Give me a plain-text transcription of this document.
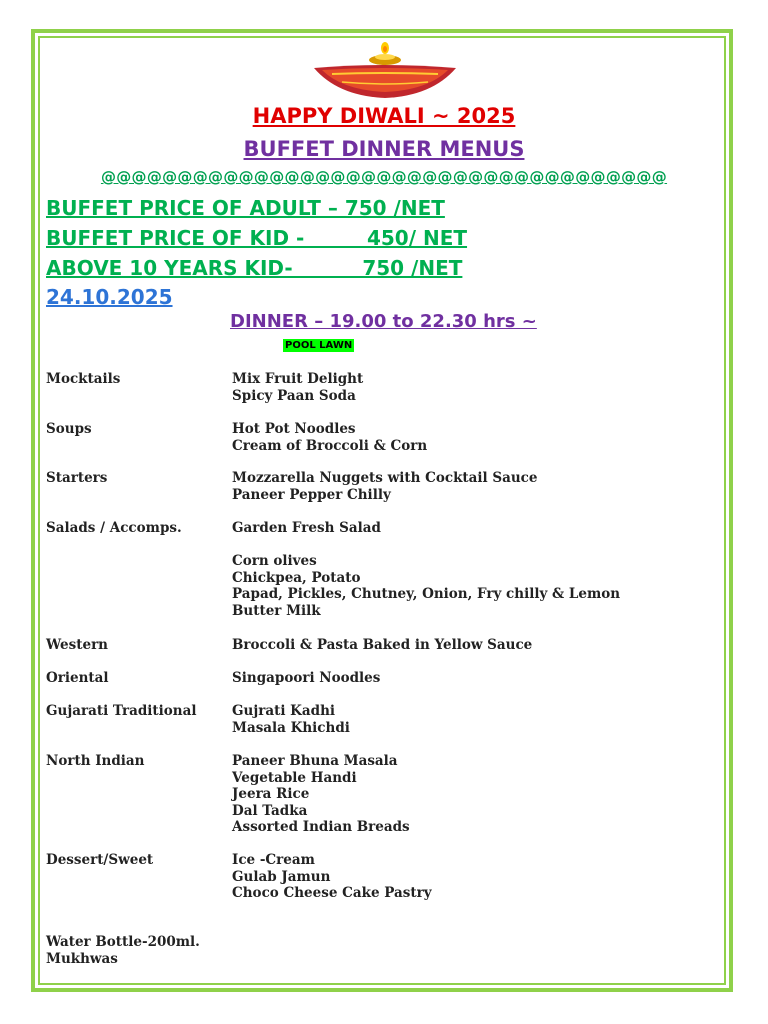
HAPPY DIWALI ~ 2025
BUFFET DINNER MENUS
@@@@@@@@@@@@@@@@@@@@@@@@@@@@@@@@@@@@@
BUFFET PRICE OF ADULT – 750 /NET
BUFFET PRICE OF KID -         450/ NET
ABOVE 10 YEARS KID-          750 /NET
24.10.2025
DINNER – 19.00 to 22.30 hrs ~
POOL LAWN
Mocktails	Mix Fruit Delight
Spicy Paan Soda
Soups	Hot Pot Noodles
Cream of Broccoli & Corn
Starters	Mozzarella Nuggets with Cocktail Sauce
Paneer Pepper Chilly
Salads / Accomps.	Garden Fresh Salad

Corn olives
Chickpea, Potato
Papad, Pickles, Chutney, Onion, Fry chilly & Lemon
Butter Milk
Western	Broccoli & Pasta Baked in Yellow Sauce
Oriental	Singapoori Noodles
Gujarati Traditional	Gujrati Kadhi
Masala Khichdi
North Indian	Paneer Bhuna Masala
Vegetable Handi
Jeera Rice
Dal Tadka
Assorted Indian Breads
Dessert/Sweet	Ice -Cream
Gulab Jamun
Choco Cheese Cake Pastry
Water Bottle-200ml.
Mukhwas
